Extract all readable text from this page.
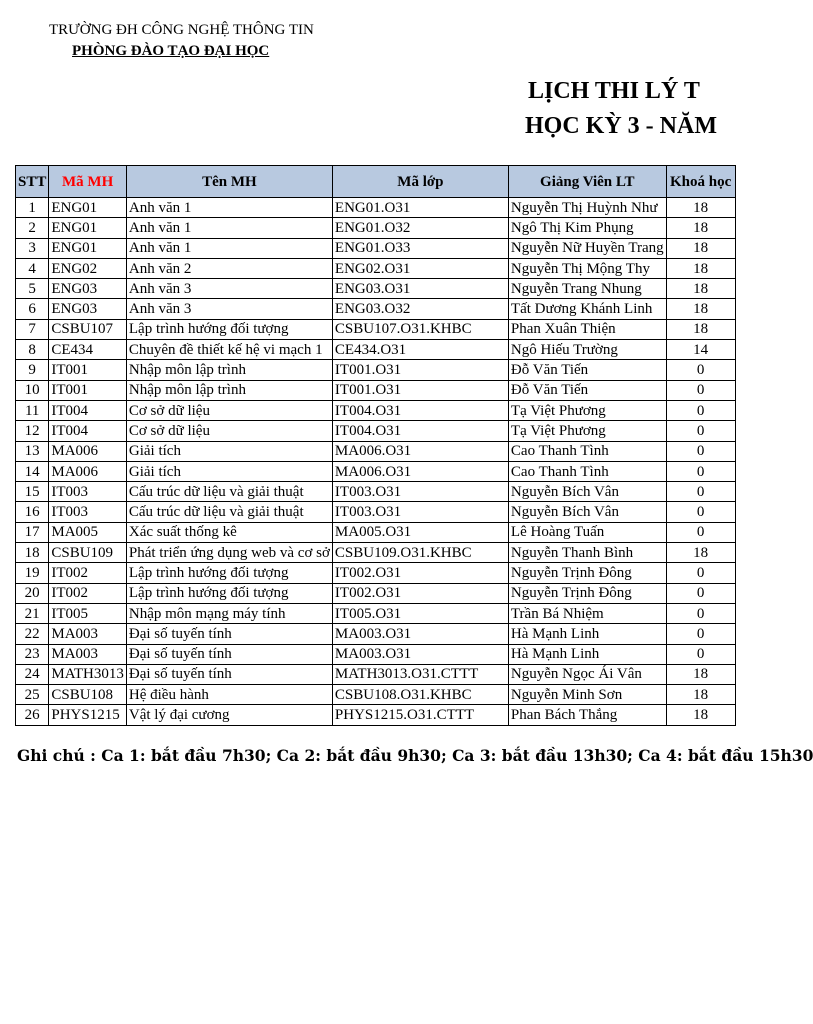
TRƯỜNG ĐH CÔNG NGHỆ THÔNG TIN
PHÒNG ĐÀO TẠO ĐẠI HỌC
LỊCH THI LÝ T
HỌC KỲ 3 - NĂM
STT	Mã MH	Tên MH	Mã lớp	Giảng Viên LT	Khoá học
1	ENG01	Anh văn 1	ENG01.O31	Nguyễn Thị Huỳnh Như	18
2	ENG01	Anh văn 1	ENG01.O32	Ngô Thị Kim Phụng	18
3	ENG01	Anh văn 1	ENG01.O33	Nguyễn Nữ Huyền Trang	18
4	ENG02	Anh văn 2	ENG02.O31	Nguyễn Thị Mộng Thy	18
5	ENG03	Anh văn 3	ENG03.O31	Nguyễn Trang Nhung	18
6	ENG03	Anh văn 3	ENG03.O32	Tất Dương Khánh Linh	18
7	CSBU107	Lập trình hướng đối tượng	CSBU107.O31.KHBC	Phan Xuân Thiện	18
8	CE434	Chuyên đề thiết kế hệ vi mạch 1	CE434.O31	Ngô Hiếu Trường	14
9	IT001	Nhập môn lập trình	IT001.O31	Đỗ Văn Tiến	0
10	IT001	Nhập môn lập trình	IT001.O31	Đỗ Văn Tiến	0
11	IT004	Cơ sở dữ liệu	IT004.O31	Tạ Việt Phương	0
12	IT004	Cơ sở dữ liệu	IT004.O31	Tạ Việt Phương	0
13	MA006	Giải tích	MA006.O31	Cao Thanh Tình	0
14	MA006	Giải tích	MA006.O31	Cao Thanh Tình	0
15	IT003	Cấu trúc dữ liệu và giải thuật	IT003.O31	Nguyễn Bích Vân	0
16	IT003	Cấu trúc dữ liệu và giải thuật	IT003.O31	Nguyễn Bích Vân	0
17	MA005	Xác suất thống kê	MA005.O31	Lê Hoàng Tuấn	0
18	CSBU109	Phát triển ứng dụng web và cơ sở	CSBU109.O31.KHBC	Nguyễn Thanh Bình	18
19	IT002	Lập trình hướng đối tượng	IT002.O31	Nguyễn Trịnh Đông	0
20	IT002	Lập trình hướng đối tượng	IT002.O31	Nguyễn Trịnh Đông	0
21	IT005	Nhập môn mạng máy tính	IT005.O31	Trần Bá Nhiệm	0
22	MA003	Đại số tuyến tính	MA003.O31	Hà Mạnh Linh	0
23	MA003	Đại số tuyến tính	MA003.O31	Hà Mạnh Linh	0
24	MATH3013	Đại số tuyến tính	MATH3013.O31.CTTT	Nguyễn Ngọc Ái Vân	18
25	CSBU108	Hệ điều hành	CSBU108.O31.KHBC	Nguyễn Minh Sơn	18
26	PHYS1215	Vật lý đại cương	PHYS1215.O31.CTTT	Phan Bách Thắng	18
Ghi chú : Ca 1: bắt đầu 7h30; Ca 2: bắt đầu 9h30; Ca 3: bắt đầu 13h30; Ca 4: bắt đầu 15h30
